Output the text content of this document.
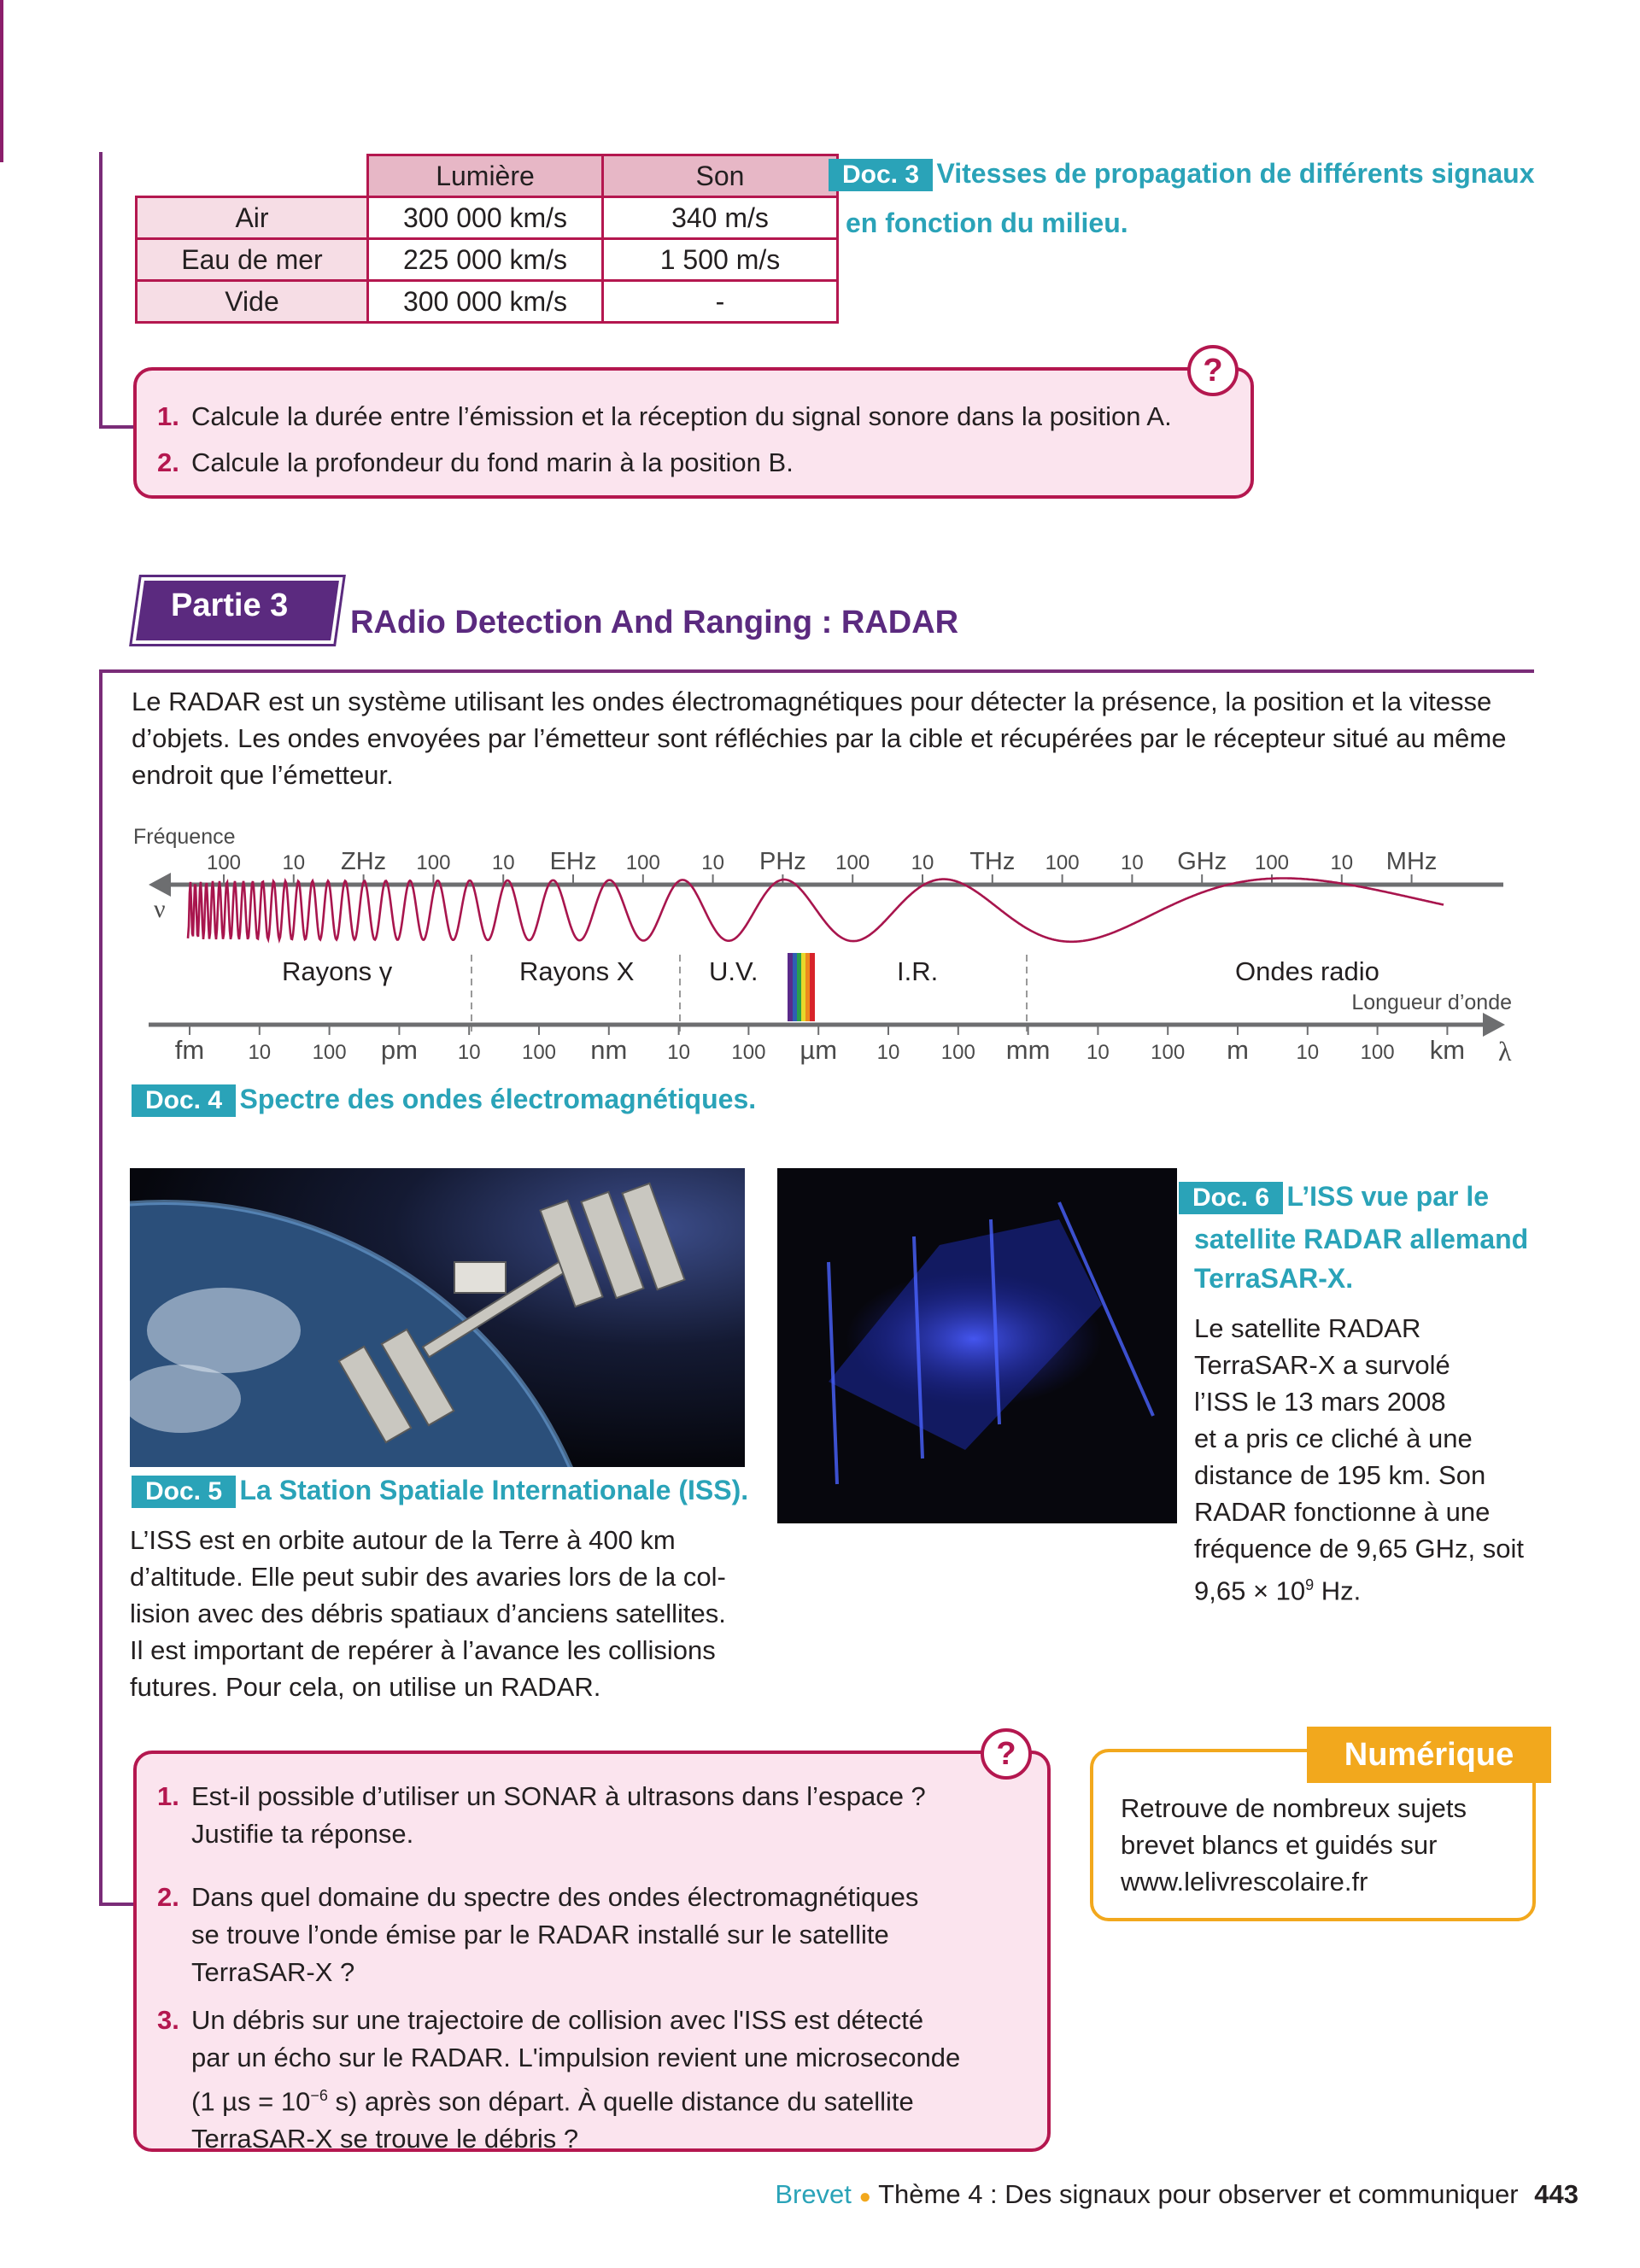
	Lumière	Son
Air	300 000 km/s	340 m/s
Eau de mer	225 000 km/s	1 500 m/s
Vide	300 000 km/s	-
Doc. 3 Vitesses de propagation de différents signaux
en fonction du milieu.
1. Calcule la durée entre l’émission et la réception du signal sonore dans la position A.
2. Calcule la profondeur du fond marin à la position B.
?
Partie 3 RAdio Detection And Ranging : RADAR
Le RADAR est un système utilisant les ondes électromagnétiques pour détecter la présence, la position et la vitesse
d’objets. Les ondes envoyées par l’émetteur sont réfléchies par la cible et récupérées par le récepteur situé au même
endroit que l’émetteur.
Fréquence
100 10 ZHz 100 10 EHz 100 10 PHz 100 10 THz 100 10 GHz 100 10 MHz
ν
Rayons γ	Rayons X	U.V.	I.R.	Ondes radio
Longueur d’onde
λ
fm 10 100 pm 10 100 nm 10 100 µm 10 100 mm 10 100 m 10 100 km
Doc. 4 Spectre des ondes électromagnétiques.
Doc. 5 La Station Spatiale Internationale (ISS).
L’ISS est en orbite autour de la Terre à 400 km
d’altitude. Elle peut subir des avaries lors de la col-
lision avec des débris spatiaux d’anciens satellites.
Il est important de repérer à l’avance les collisions
futures. Pour cela, on utilise un RADAR.
Doc. 6 L’ISS vue par le
satellite RADAR allemand
TerraSAR-X.
Le satellite RADAR
TerraSAR-X a survolé
l’ISS le 13 mars 2008
et a pris ce cliché à une
distance de 195 km. Son
RADAR fonctionne à une
fréquence de 9,65 GHz, soit
$9,65 \times 10^9$ Hz.
1. Est-il possible d’utiliser un SONAR à ultrasons dans l’espace ?
Justifie ta réponse.
2. Dans quel domaine du spectre des ondes électromagnétiques
se trouve l’onde émise par le RADAR installé sur le satellite
TerraSAR-X ?
3. Un débris sur une trajectoire de collision avec l'ISS est détecté
par un écho sur le RADAR. L'impulsion revient une microseconde
(1 $\mu s = 10^{-6}$ s) après son départ. À quelle distance du satellite
TerraSAR-X se trouve le débris ?
?
Retrouve de nombreux sujets
brevet blancs et guidés sur
www.lelivrescolaire.fr
Numérique
Brevet ● Thème 4 : Des signaux pour observer et communiquer 443
